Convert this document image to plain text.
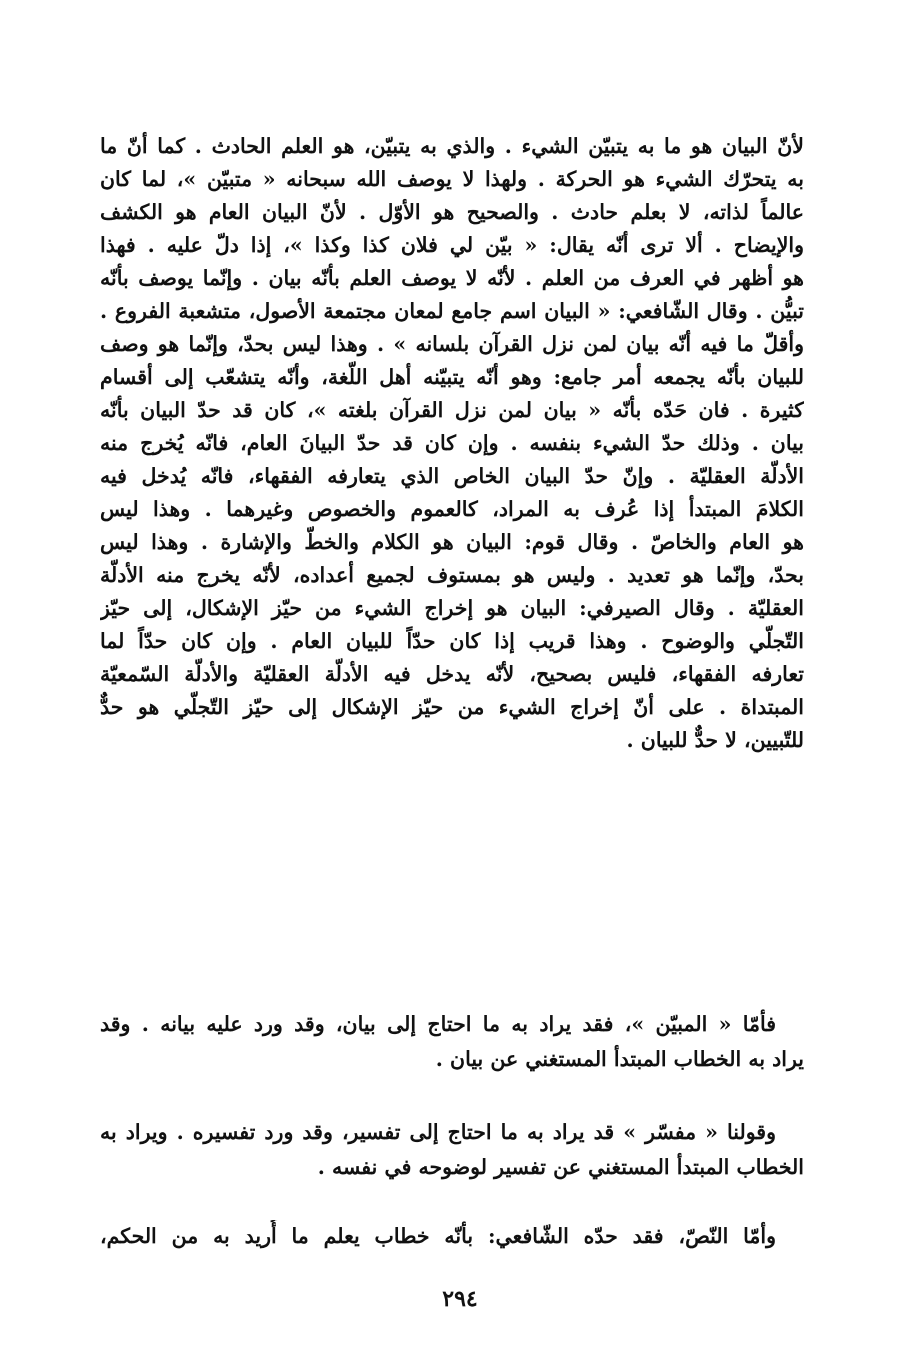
لأنّ البيان هو ما به يتبيّن الشيء . والذي به يتبيّن، هو العلم الحادث . كما أنّ ما
به يتحرّك الشيء هو الحركة . ولهذا لا يوصف الله سبحانه « متبيّن »، لما كان
عالماً لذاته، لا بعلم حادث . والصحيح هو الأوّل . لأنّ البيان العام هو الكشف
والإيضاح . ألا ترى أنّه يقال: « بيّن لي فلان كذا وكذا »، إذا دلّ عليه . فهذا
هو أظهر في العرف من العلم . لأنّه لا يوصف العلم بأنّه بيان . وإنّما يوصف بأنّه
تبيُّن . وقال الشّافعي: « البيان اسم جامع لمعان مجتمعة الأصول، متشعبة الفروع .
وأقلّ ما فيه أنّه بيان لمن نزل القرآن بلسانه » . وهذا ليس بحدّ، وإنّما هو وصف
للبيان بأنّه يجمعه أمر جامع: وهو أنّه يتبيّنه أهل اللّغة، وأنّه يتشعّب إلى أقسام
كثيرة . فان حَدّه بأنّه « بيان لمن نزل القرآن بلغته »، كان قد حدّ البيان بأنّه
بيان . وذلك حدّ الشيء بنفسه . وإن كان قد حدّ البيانَ العام، فانّه يُخرج منه
الأدلّة العقليّة . وإنّ حدّ البيان الخاص الذي يتعارفه الفقهاء، فانّه يُدخل فيه
الكلامَ المبتدأ إذا عُرف به المراد، كالعموم والخصوص وغيرهما . وهذا ليس
هو العام والخاصّ . وقال قوم: البيان هو الكلام والخطّ والإشارة . وهذا ليس
بحدّ، وإنّما هو تعديد . وليس هو بمستوف لجميع أعداده، لأنّه يخرج منه الأدلّة
العقليّة . وقال الصيرفي: البيان هو إخراج الشيء من حيّز الإشكال، إلى حيّز
التّجلّي والوضوح . وهذا قريب إذا كان حدّاً للبيان العام . وإن كان حدّاً لما
تعارفه الفقهاء، فليس بصحيح، لأنّه يدخل فيه الأدلّة العقليّة والأدلّة السّمعيّة
المبتداة . على أنّ إخراج الشيء من حيّز الإشكال إلى حيّز التّجلّي هو حدٌّ
للتّبيين، لا حدٌّ للبيان .
فأمّا « المبيّن »، فقد يراد به ما احتاج إلى بيان، وقد ورد عليه بيانه . وقد
يراد به الخطاب المبتدأ المستغني عن بيان .
وقولنا « مفسّر » قد يراد به ما احتاج إلى تفسير، وقد ورد تفسيره . ويراد به
الخطاب المبتدأ المستغني عن تفسير لوضوحه في نفسه .
وأمّا النّصّ، فقد حدّه الشّافعي: بأنّه خطاب يعلم ما أُريد به من الحكم،
٢٩٤
